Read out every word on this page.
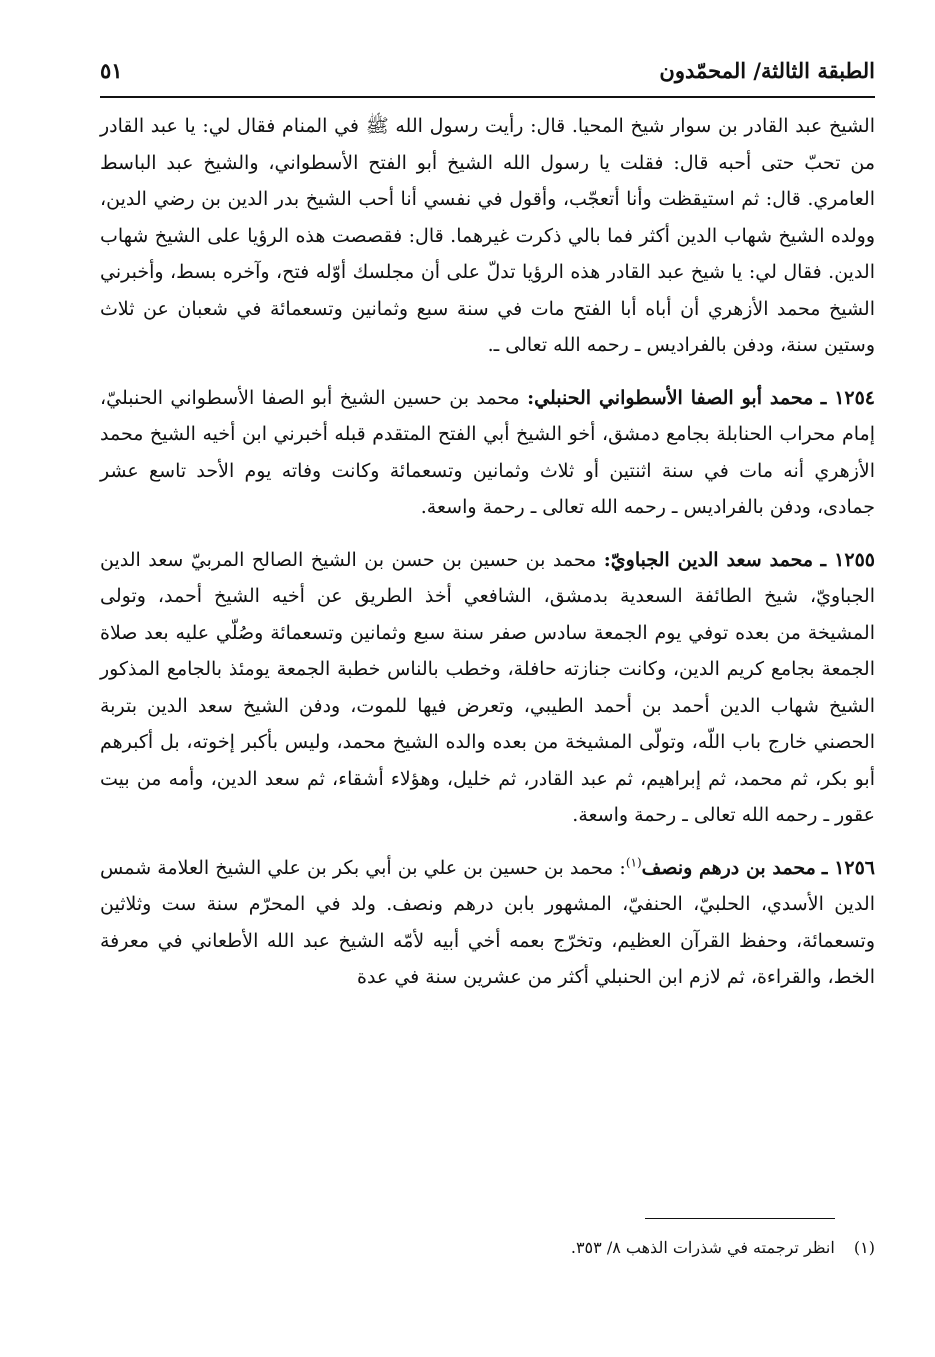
الطبقة الثالثة/ المحمّدون
٥١

الشيخ عبد القادر بن سوار شيخ المحيا. قال: رأيت رسول الله ﷺ في المنام فقال لي: يا عبد القادر من تحبّ حتى أحبه قال: فقلت يا رسول الله الشيخ أبو الفتح الأسطواني، والشيخ عبد الباسط العامري. قال: ثم استيقظت وأنا أتعجّب، وأقول في نفسي أنا أحب الشيخ بدر الدين بن رضي الدين، وولده الشيخ شهاب الدين أكثر فما بالي ذكرت غيرهما. قال: فقصصت هذه الرؤيا على الشيخ شهاب الدين. فقال لي: يا شيخ عبد القادر هذه الرؤيا تدلّ على أن مجلسك أوّله فتح، وآخره بسط، وأخبرني الشيخ محمد الأزهري أن أباه أبا الفتح مات في سنة سبع وثمانين وتسعمائة في شعبان عن ثلاث وستين سنة، ودفن بالفراديس ـ رحمه الله تعالى ـ.

١٢٥٤ ـ محمد أبو الصفا الأسطواني الحنبلي: محمد بن حسين الشيخ أبو الصفا الأسطواني الحنبليّ، إمام محراب الحنابلة بجامع دمشق، أخو الشيخ أبي الفتح المتقدم قبله أخبرني ابن أخيه الشيخ محمد الأزهري أنه مات في سنة اثنتين أو ثلاث وثمانين وتسعمائة وكانت وفاته يوم الأحد تاسع عشر جمادى، ودفن بالفراديس ـ رحمه الله تعالى ـ رحمة واسعة.

١٢٥٥ ـ محمد سعد الدين الجباويّ: محمد بن حسين بن حسن بن الشيخ الصالح المربيّ سعد الدين الجباويّ، شيخ الطائفة السعدية بدمشق، الشافعي أخذ الطريق عن أخيه الشيخ أحمد، وتولى المشيخة من بعده توفي يوم الجمعة سادس صفر سنة سبع وثمانين وتسعمائة وصُلّي عليه بعد صلاة الجمعة بجامع كريم الدين، وكانت جنازته حافلة، وخطب بالناس خطبة الجمعة يومئذ بالجامع المذكور الشيخ شهاب الدين أحمد بن أحمد الطيبي، وتعرض فيها للموت، ودفن الشيخ سعد الدين بتربة الحصني خارج باب اللّه، وتولّى المشيخة من بعده والده الشيخ محمد، وليس بأكبر إخوته، بل أكبرهم أبو بكر، ثم محمد، ثم إبراهيم، ثم عبد القادر، ثم خليل، وهؤلاء أشقاء، ثم سعد الدين، وأمه من بيت عقور ـ رحمه الله تعالى ـ رحمة واسعة.

١٢٥٦ ـ محمد بن درهم ونصف$^{(١)}$: محمد بن حسين بن علي بن أبي بكر بن علي الشيخ العلامة شمس الدين الأسدي، الحلبيّ، الحنفيّ، المشهور بابن درهم ونصف. ولد في المحرّم سنة ست وثلاثين وتسعمائة، وحفظ القرآن العظيم، وتخرّج بعمه أخي أبيه لأمّه الشيخ عبد الله الأطعاني في معرفة الخط، والقراءة، ثم لازم ابن الحنبلي أكثر من عشرين سنة في عدة

(١) انظر ترجمته في شذرات الذهب ٨/ ٣٥٣.
